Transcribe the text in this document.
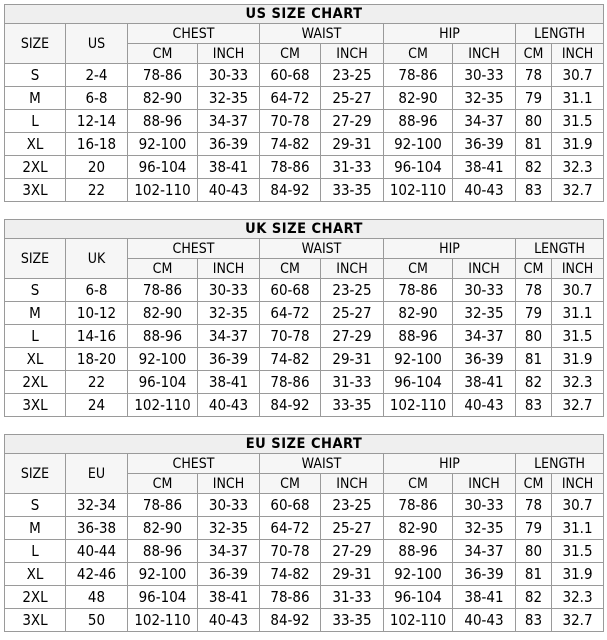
US SIZE CHART									
SIZE	US	CHEST		WAIST		HIP		LENGTH	
		CM	INCH	CM	INCH	CM	INCH	CM	INCH
S	2-4	78-86	30-33	60-68	23-25	78-86	30-33	78	30.7
M	6-8	82-90	32-35	64-72	25-27	82-90	32-35	79	31.1
L	12-14	88-96	34-37	70-78	27-29	88-96	34-37	80	31.5
XL	16-18	92-100	36-39	74-82	29-31	92-100	36-39	81	31.9
2XL	20	96-104	38-41	78-86	31-33	96-104	38-41	82	32.3
3XL	22	102-110	40-43	84-92	33-35	102-110	40-43	83	32.7
UK SIZE CHART									
SIZE	UK	CHEST		WAIST		HIP		LENGTH	
		CM	INCH	CM	INCH	CM	INCH	CM	INCH
S	6-8	78-86	30-33	60-68	23-25	78-86	30-33	78	30.7
M	10-12	82-90	32-35	64-72	25-27	82-90	32-35	79	31.1
L	14-16	88-96	34-37	70-78	27-29	88-96	34-37	80	31.5
XL	18-20	92-100	36-39	74-82	29-31	92-100	36-39	81	31.9
2XL	22	96-104	38-41	78-86	31-33	96-104	38-41	82	32.3
3XL	24	102-110	40-43	84-92	33-35	102-110	40-43	83	32.7
EU SIZE CHART									
SIZE	EU	CHEST		WAIST		HIP		LENGTH	
		CM	INCH	CM	INCH	CM	INCH	CM	INCH
S	32-34	78-86	30-33	60-68	23-25	78-86	30-33	78	30.7
M	36-38	82-90	32-35	64-72	25-27	82-90	32-35	79	31.1
L	40-44	88-96	34-37	70-78	27-29	88-96	34-37	80	31.5
XL	42-46	92-100	36-39	74-82	29-31	92-100	36-39	81	31.9
2XL	48	96-104	38-41	78-86	31-33	96-104	38-41	82	32.3
3XL	50	102-110	40-43	84-92	33-35	102-110	40-43	83	32.7
